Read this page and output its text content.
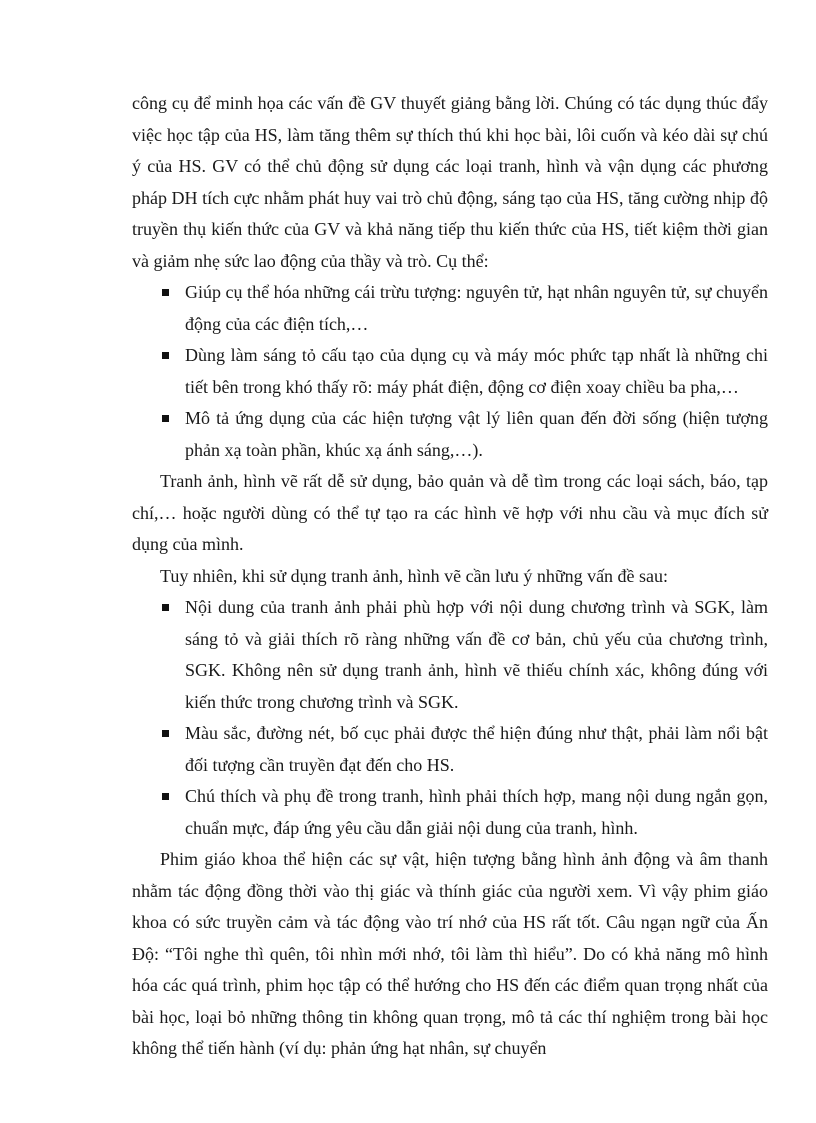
công cụ để minh họa các vấn đề GV thuyết giảng bằng lời. Chúng có tác dụng thúc đẩy việc học tập của HS, làm tăng thêm sự thích thú khi học bài, lôi cuốn và kéo dài sự chú ý của HS. GV có thể chủ động sử dụng các loại tranh, hình và vận dụng các phương pháp DH tích cực nhằm phát huy vai trò chủ động, sáng tạo của HS, tăng cường nhịp độ truyền thụ kiến thức của GV và khả năng tiếp thu kiến thức của HS, tiết kiệm thời gian và giảm nhẹ sức lao động của thầy và trò. Cụ thể:

Giúp cụ thể hóa những cái trừu tượng: nguyên tử, hạt nhân nguyên tử, sự chuyển động của các điện tích,…
Dùng làm sáng tỏ cấu tạo của dụng cụ và máy móc phức tạp nhất là những chi tiết bên trong khó thấy rõ: máy phát điện, động cơ điện xoay chiều ba pha,…
Mô tả ứng dụng của các hiện tượng vật lý liên quan đến đời sống (hiện tượng phản xạ toàn phần, khúc xạ ánh sáng,…).

Tranh ảnh, hình vẽ rất dễ sử dụng, bảo quản và dễ tìm trong các loại sách, báo, tạp chí,… hoặc người dùng có thể tự tạo ra các hình vẽ hợp với nhu cầu và mục đích sử dụng của mình.

Tuy nhiên, khi sử dụng tranh ảnh, hình vẽ cần lưu ý những vấn đề sau:

Nội dung của tranh ảnh phải phù hợp với nội dung chương trình và SGK, làm sáng tỏ và giải thích rõ ràng những vấn đề cơ bản, chủ yếu của chương trình, SGK. Không nên sử dụng tranh ảnh, hình vẽ thiếu chính xác, không đúng với kiến thức trong chương trình và SGK.
Màu sắc, đường nét, bố cục phải được thể hiện đúng như thật, phải làm nổi bật đối tượng cần truyền đạt đến cho HS.
Chú thích và phụ đề trong tranh, hình phải thích hợp, mang nội dung ngắn gọn, chuẩn mực, đáp ứng yêu cầu dẫn giải nội dung của tranh, hình.

Phim giáo khoa thể hiện các sự vật, hiện tượng bằng hình ảnh động và âm thanh nhằm tác động đồng thời vào thị giác và thính giác của người xem. Vì vậy phim giáo khoa có sức truyền cảm và tác động vào trí nhớ của HS rất tốt. Câu ngạn ngữ của Ấn Độ: “Tôi nghe thì quên, tôi nhìn mới nhớ, tôi làm thì hiểu”. Do có khả năng mô hình hóa các quá trình, phim học tập có thể hướng cho HS đến các điểm quan trọng nhất của bài học, loại bỏ những thông tin không quan trọng, mô tả các thí nghiệm trong bài học không thể tiến hành (ví dụ: phản ứng hạt nhân, sự chuyển
